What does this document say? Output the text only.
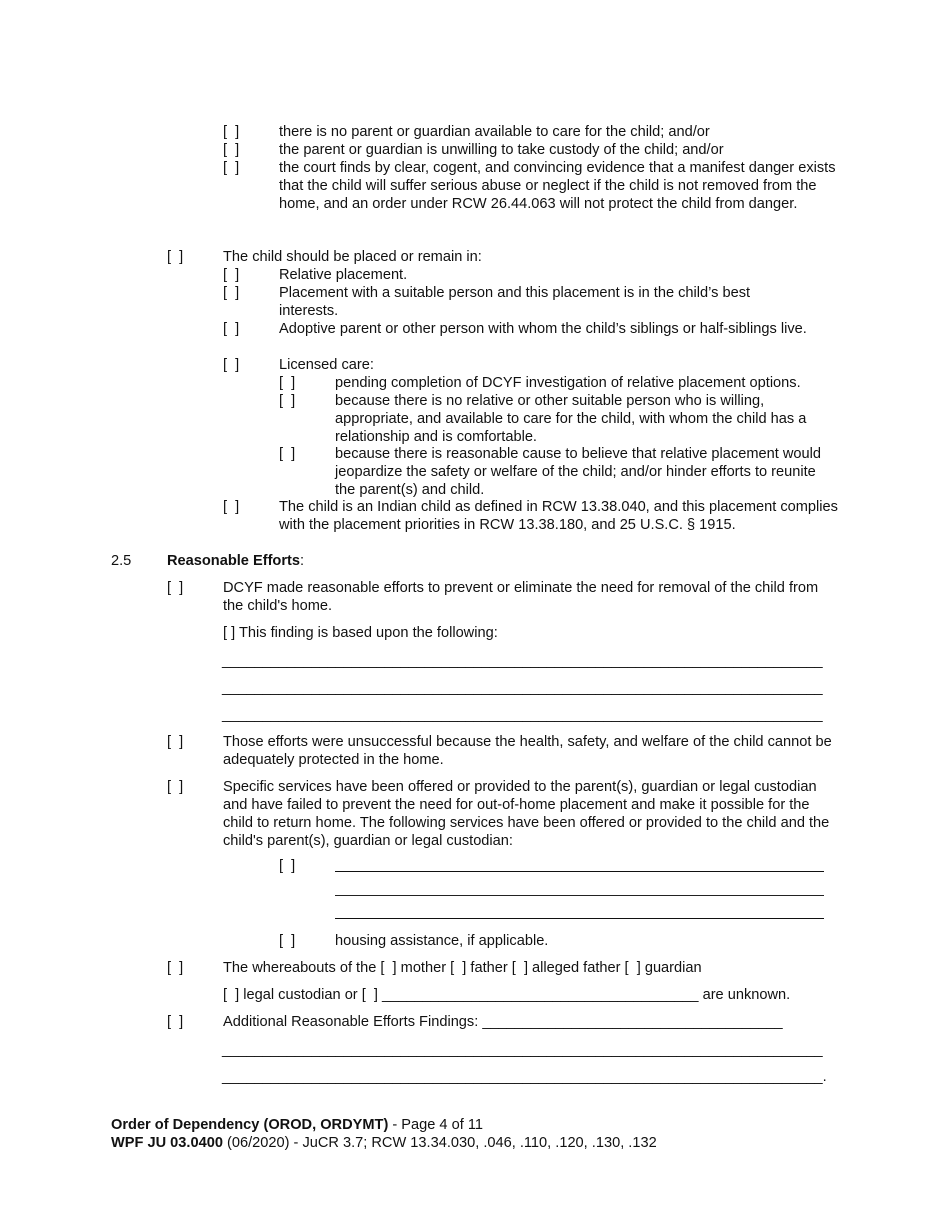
[  ]	there is no parent or guardian available to care for the child; and/or
[  ]	the parent or guardian is unwilling to take custody of the child; and/or
[  ]	the court finds by clear, cogent, and convincing evidence that a manifest danger exists that the child will suffer serious abuse or neglect if the child is not removed from the home, and an order under RCW 26.44.063 will not protect the child from danger.
[  ]	The child should be placed or remain in:
[  ]	Relative placement.
[  ]	Placement with a suitable person and this placement is in the child’s best interests.
[  ]	Adoptive parent or other person with whom the child’s siblings or half-siblings live.
[  ]	Licensed care:
[  ]	pending completion of DCYF investigation of relative placement options.
[  ]	because there is no relative or other suitable person who is willing, appropriate, and available to care for the child, with whom the child has a relationship and is comfortable.
[  ]	because there is reasonable cause to believe that relative placement would jeopardize the safety or welfare of the child; and/or hinder efforts to reunite the parent(s) and child.
[  ]	The child is an Indian child as defined in RCW 13.38.040, and this placement complies with the placement priorities in RCW 13.38.180, and 25 U.S.C. § 1915.
2.5 Reasonable Efforts:
[  ]	DCYF made reasonable efforts to prevent or eliminate the need for removal of the child from the child's home.
[ ] This finding is based upon the following:
__________________________________________________________________________
__________________________________________________________________________
__________________________________________________________________________
[  ]	Those efforts were unsuccessful because the health, safety, and welfare of the child cannot be adequately protected in the home.
[  ]	Specific services have been offered or provided to the parent(s), guardian or legal custodian and have failed to prevent the need for out-of-home placement and make it possible for the child to return home. The following services have been offered or provided to the child and the child's parent(s), guardian or legal custodian:
[  ]
[  ]	housing assistance, if applicable.
[  ]	The whereabouts of the [  ] mother [  ] father [  ] alleged father [  ] guardian
[  ] legal custodian or [  ] _______________________________________ are unknown.
[  ]	Additional Reasonable Efforts Findings: _____________________________________
__________________________________________________________________________
__________________________________________________________________________.
Order of Dependency (OROD, ORDYMT) - Page 4 of 11
WPF JU 03.0400 (06/2020) - JuCR 3.7; RCW 13.34.030, .046, .110, .120, .130, .132
